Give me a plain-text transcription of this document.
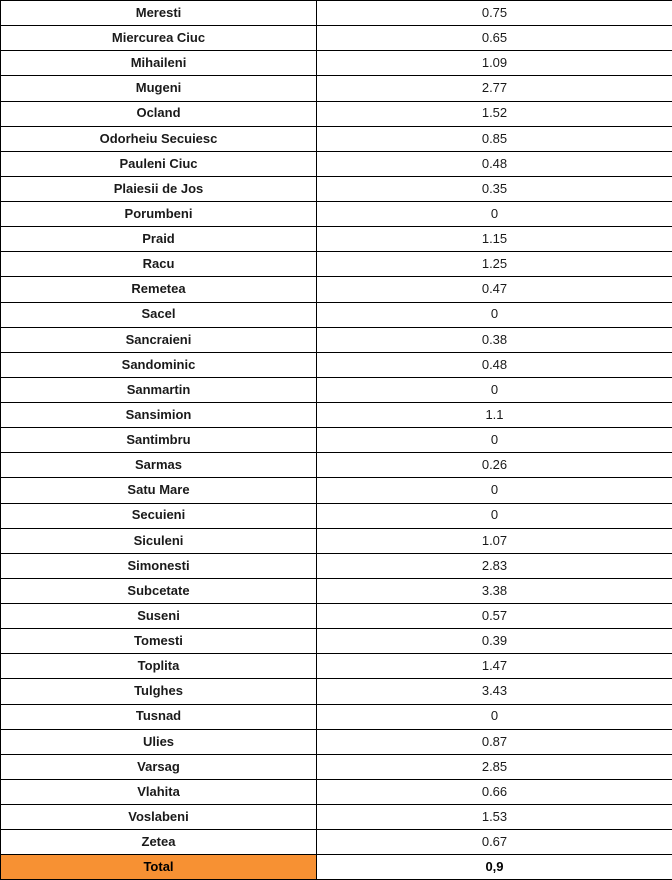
Meresti	0.75
Miercurea Ciuc	0.65
Mihaileni	1.09
Mugeni	2.77
Ocland	1.52
Odorheiu Secuiesc	0.85
Pauleni Ciuc	0.48
Plaiesii de Jos	0.35
Porumbeni	0
Praid	1.15
Racu	1.25
Remetea	0.47
Sacel	0
Sancraieni	0.38
Sandominic	0.48
Sanmartin	0
Sansimion	1.1
Santimbru	0
Sarmas	0.26
Satu Mare	0
Secuieni	0
Siculeni	1.07
Simonesti	2.83
Subcetate	3.38
Suseni	0.57
Tomesti	0.39
Toplita	1.47
Tulghes	3.43
Tusnad	0
Ulies	0.87
Varsag	2.85
Vlahita	0.66
Voslabeni	1.53
Zetea	0.67
Total	0,9
